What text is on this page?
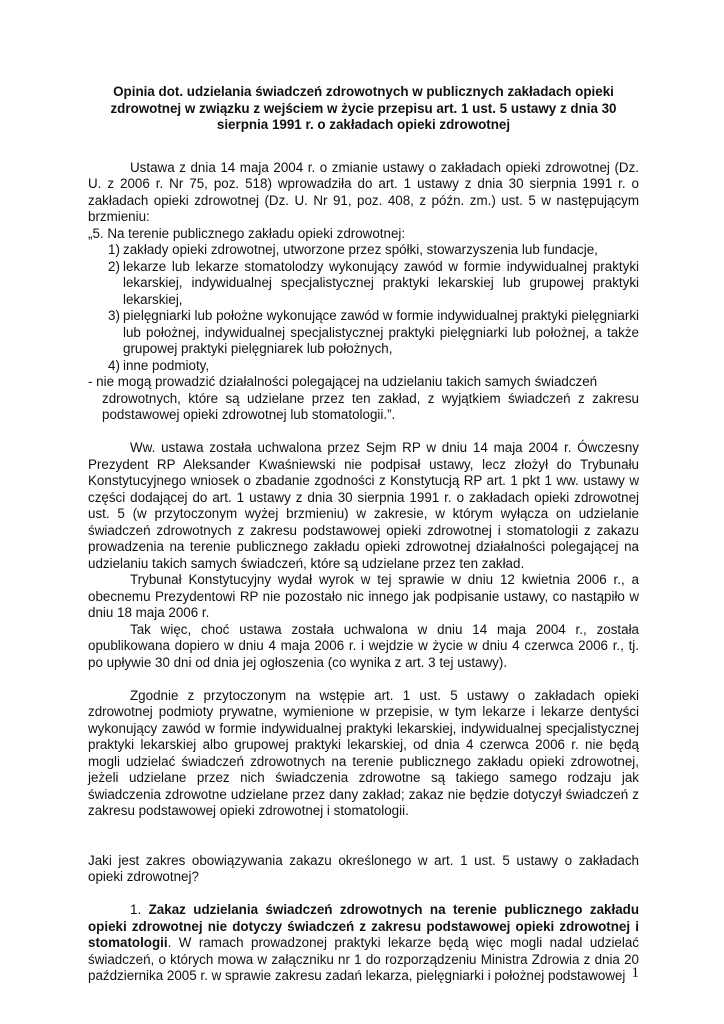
Opinia dot. udzielania świadczeń zdrowotnych w publicznych zakładach opieki zdrowotnej w związku z wejściem w życie przepisu art. 1 ust. 5 ustawy z dnia 30 sierpnia 1991 r. o zakładach opieki zdrowotnej

Ustawa z dnia 14 maja 2004 r. o zmianie ustawy o zakładach opieki zdrowotnej (Dz. U. z 2006 r. Nr 75, poz. 518) wprowadziła do art. 1 ustawy z dnia 30 sierpnia 1991 r. o zakładach opieki zdrowotnej (Dz. U. Nr 91, poz. 408, z późn. zm.) ust. 5 w następującym brzmieniu:

„5. Na terenie publicznego zakładu opieki zdrowotnej:

1) zakłady opieki zdrowotnej, utworzone przez spółki, stowarzyszenia lub fundacje,
2) lekarze lub lekarze stomatolodzy wykonujący zawód w formie indywidualnej praktyki lekarskiej, indywidualnej specjalistycznej praktyki lekarskiej lub grupowej praktyki lekarskiej,
3) pielęgniarki lub położne wykonujące zawód w formie indywidualnej praktyki pielęgniarki lub położnej, indywidualnej specjalistycznej praktyki pielęgniarki lub położnej, a także grupowej praktyki pielęgniarek lub położnych,
4) inne podmioty,
- nie mogą prowadzić działalności polegającej na udzielaniu takich samych świadczeń
zdrowotnych, które są udzielane przez ten zakład, z wyjątkiem świadczeń z zakresu podstawowej opieki zdrowotnej lub stomatologii.”.

Ww. ustawa została uchwalona przez Sejm RP w dniu 14 maja 2004 r. Ówczesny Prezydent RP Aleksander Kwaśniewski nie podpisał ustawy, lecz złożył do Trybunału Konstytucyjnego wniosek o zbadanie zgodności z Konstytucją RP art. 1 pkt 1 ww. ustawy w części dodającej do art. 1 ustawy z dnia 30 sierpnia 1991 r. o zakładach opieki zdrowotnej ust. 5 (w przytoczonym wyżej brzmieniu) w zakresie, w którym wyłącza on udzielanie świadczeń zdrowotnych z zakresu podstawowej opieki zdrowotnej i stomatologii z zakazu prowadzenia na terenie publicznego zakładu opieki zdrowotnej działalności polegającej na udzielaniu takich samych świadczeń, które są udzielane przez ten zakład.

Trybunał Konstytucyjny wydał wyrok w tej sprawie w dniu 12 kwietnia 2006 r., a obecnemu Prezydentowi RP nie pozostało nic innego jak podpisanie ustawy, co nastąpiło w dniu 18 maja 2006 r.

Tak więc, choć ustawa została uchwalona w dniu 14 maja 2004 r., została opublikowana dopiero w dniu 4 maja 2006 r. i wejdzie w życie w dniu 4 czerwca 2006 r., tj. po upływie 30 dni od dnia jej ogłoszenia (co wynika z art. 3 tej ustawy).

Zgodnie z przytoczonym na wstępie art. 1 ust. 5 ustawy o zakładach opieki zdrowotnej podmioty prywatne, wymienione w przepisie, w tym lekarze i lekarze dentyści wykonujący zawód w formie indywidualnej praktyki lekarskiej, indywidualnej specjalistycznej praktyki lekarskiej albo grupowej praktyki lekarskiej, od dnia 4 czerwca 2006 r. nie będą mogli udzielać świadczeń zdrowotnych na terenie publicznego zakładu opieki zdrowotnej, jeżeli udzielane przez nich świadczenia zdrowotne są takiego samego rodzaju jak świadczenia zdrowotne udzielane przez dany zakład; zakaz nie będzie dotyczył świadczeń z zakresu podstawowej opieki zdrowotnej i stomatologii.

Jaki jest zakres obowiązywania zakazu określonego w art. 1 ust. 5 ustawy o zakładach opieki zdrowotnej?

1. Zakaz udzielania świadczeń zdrowotnych na terenie publicznego zakładu opieki zdrowotnej nie dotyczy świadczeń z zakresu podstawowej opieki zdrowotnej i stomatologii. W ramach prowadzonej praktyki lekarze będą więc mogli nadal udzielać świadczeń, o których mowa w załączniku nr 1 do rozporządzeniu Ministra Zdrowia z dnia 20 października 2005 r. w sprawie zakresu zadań lekarza, pielęgniarki i położnej podstawowej 1
